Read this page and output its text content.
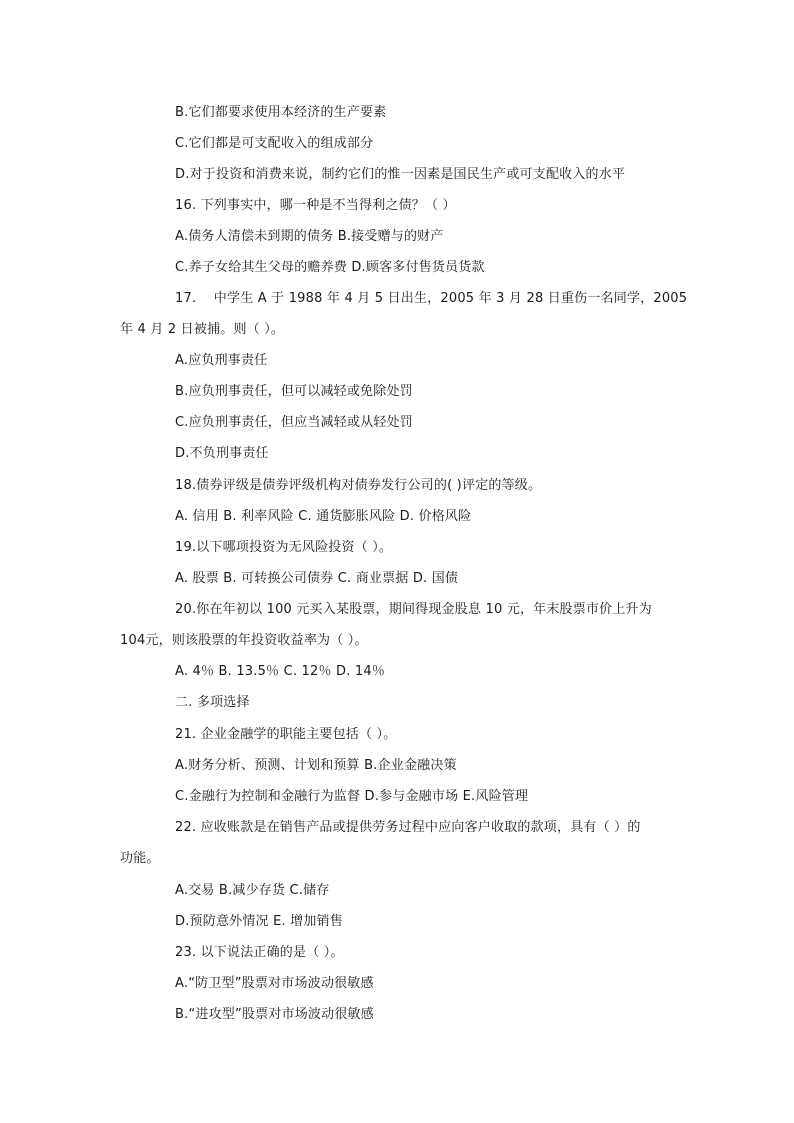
B.它们都要求使用本经济的生产要素
C.它们都是可支配收入的组成部分
D.对于投资和消费来说，制约它们的惟一因素是国民生产或可支配收入的水平
16. 下列事实中，哪一种是不当得利之债？（ ）
A.债务人清偿未到期的债务 B.接受赠与的财产
C.养子女给其生父母的赡养费 D.顾客多付售货员货款
17.　 中学生 A 于 1988 年 4 月 5 日出生，2005 年 3 月 28 日重伤一名同学，2005
年 4 月 2 日被捕。则（ ）。
A.应负刑事责任
B.应负刑事责任，但可以减轻或免除处罚
C.应负刑事责任，但应当减轻或从轻处罚
D.不负刑事责任
18.债券评级是债券评级机构对债券发行公司的( )评定的等级。
A. 信用 B. 利率风险 C. 通货膨胀风险 D. 价格风险
19.以下哪项投资为无风险投资（ ）。
A. 股票 B. 可转换公司债券 C. 商业票据 D. 国债
20.你在年初以 100 元买入某股票，期间得现金股息 10 元，年末股票市价上升为
104元，则该股票的年投资收益率为（ ）。
A. 4％ B. 13.5％ C. 12％ D. 14％
二. 多项选择
21. 企业金融学的职能主要包括（ ）。
A.财务分析、预测、计划和预算 B.企业金融决策
C.金融行为控制和金融行为监督 D.参与金融市场 E.风险管理
22. 应收账款是在销售产品或提供劳务过程中应向客户收取的款项，具有（ ）的
功能。
A.交易 B.减少存货 C.储存
D.预防意外情况 E. 增加销售
23. 以下说法正确的是（ ）。
A.“防卫型”股票对市场波动很敏感
B.“进攻型”股票对市场波动很敏感
